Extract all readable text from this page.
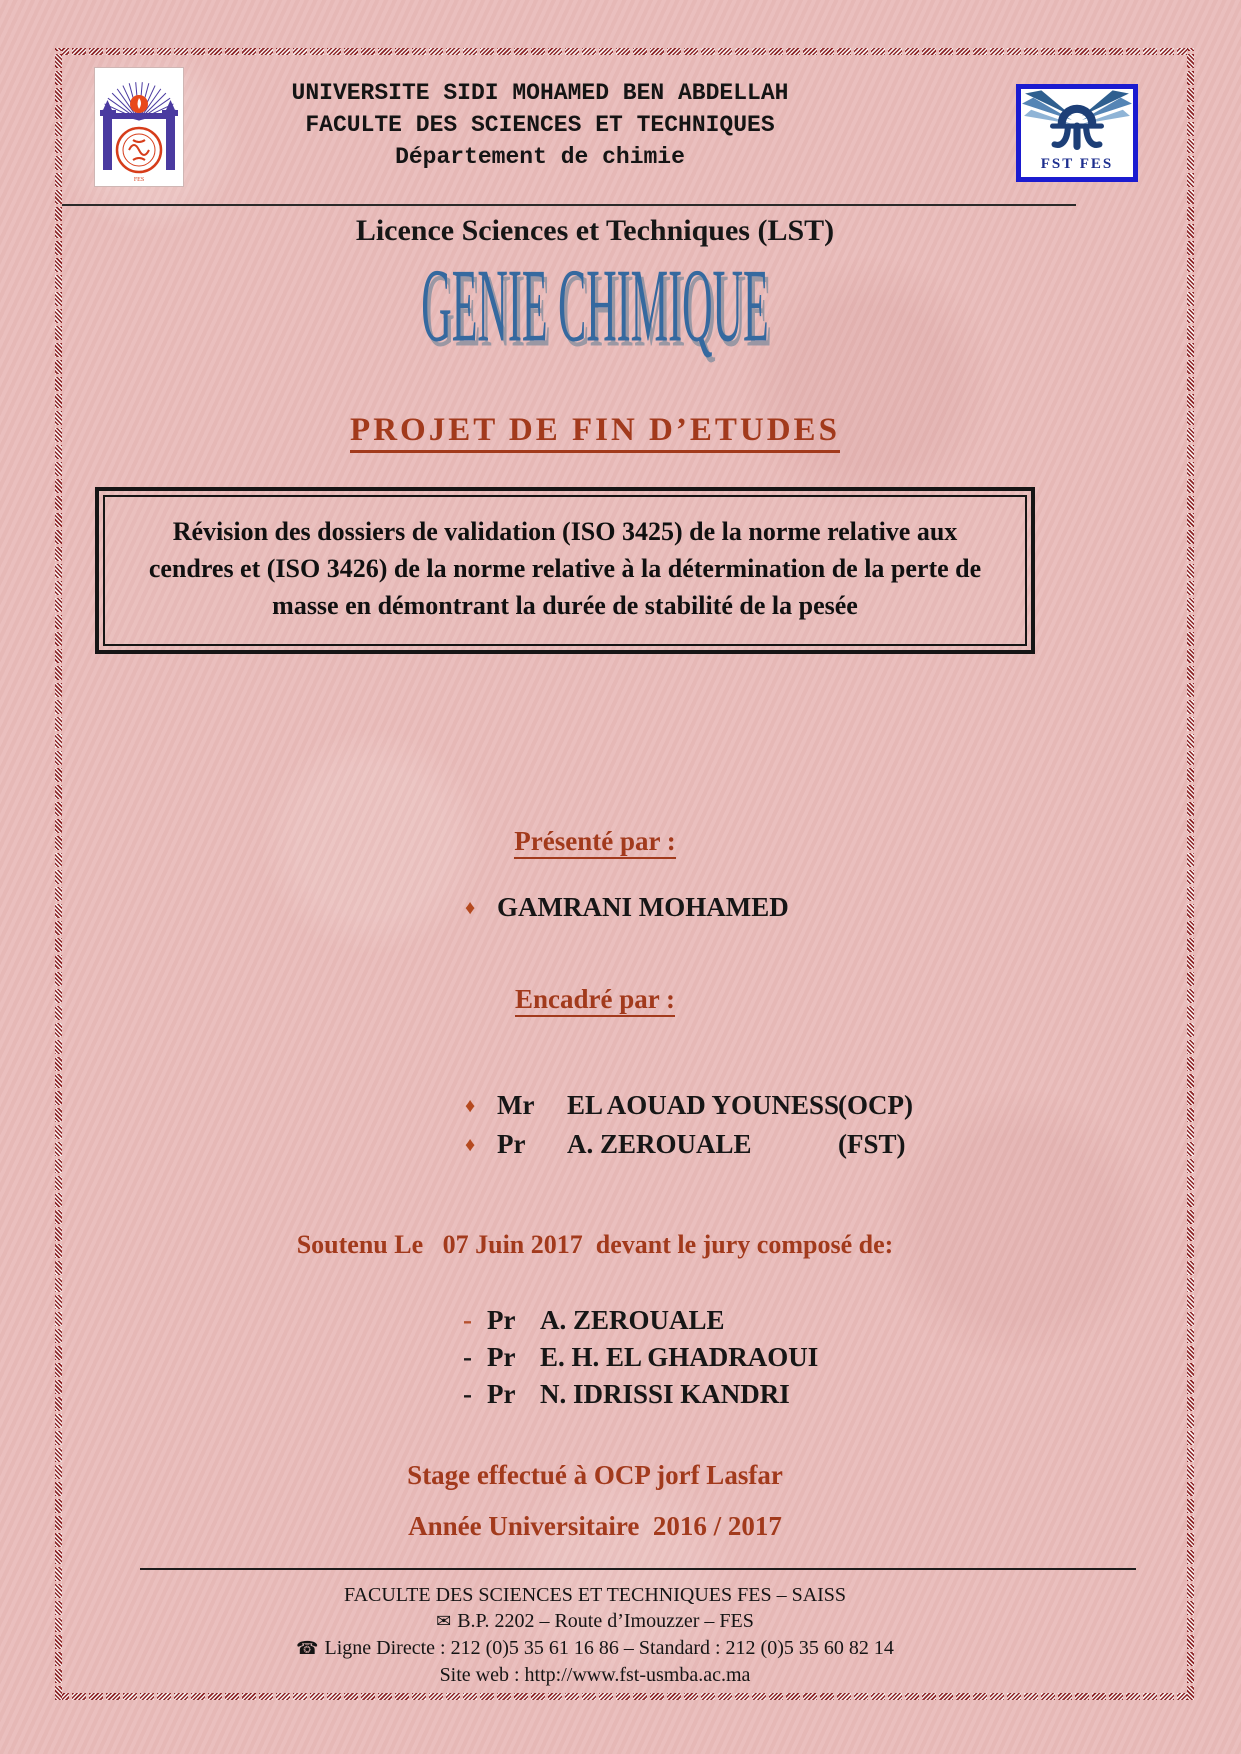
FES
UNIVERSITE SIDI MOHAMED BEN ABDELLAH
FACULTE DES SCIENCES ET TECHNIQUES
Département de chimie	FST FES
Licence Sciences et Techniques (LST)
GENIE CHIMIQUE
PROJET DE FIN D’ETUDES
Révision des dossiers de validation (ISO 3425) de la norme relative aux cendres et (ISO 3426) de la norme relative à la détermination de la perte de masse en démontrant la durée de stabilité de la pesée
Présenté par :
♦ GAMRANI MOHAMED
Encadré par :
♦ Mr EL AOUAD YOUNESS(OCP)
♦ Pr A. ZEROUALE	(FST)
Soutenu Le   07 Juin 2017  devant le jury composé de:
- Pr A. ZEROUALE
- Pr E. H. EL GHADRAOUI
- Pr N. IDRISSI KANDRI
Stage effectué à OCP jorf Lasfar
Année Universitaire  2016 / 2017
FACULTE DES SCIENCES ET TECHNIQUES FES – SAISS
✉ B.P. 2202 – Route d’Imouzzer – FES
☎ Ligne Directe : 212 (0)5 35 61 16 86 – Standard : 212 (0)5 35 60 82 14
Site web : http://www.fst-usmba.ac.ma
